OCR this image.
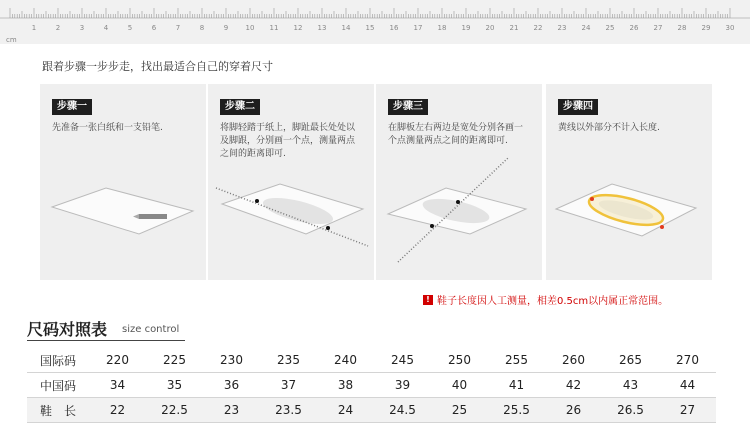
cm
1	2	3	4	5	6	7	8	9 10 11 12 13 14 15 16 17 18 19 20 21 22 23 24 25 26 27 28 29 30
跟着步骤一步步走，找出最适合自己的穿着尺寸
步骤一
先准备一张白纸和一支铅笔.
步骤二
将脚轻踏于纸上，脚趾最长处处以及脚跟，分别画一个点，测量两点之间的距离即可.
步骤三
在脚板左右两边是宽处分别各画一个点测量两点之间的距离即可.
步骤四
黄线以外部分不计入长度.
! 鞋子长度因人工测量，相差0.5cm以内属正常范围。
尺码对照表 size control
国际码	220	225	230	235	240	245	250	255	260	265	270
中国码	34	35	36	37	38	39	40	41	42	43	44
鞋　长	22	22.5	23	23.5	24	24.5	25	25.5	26	26.5	27
